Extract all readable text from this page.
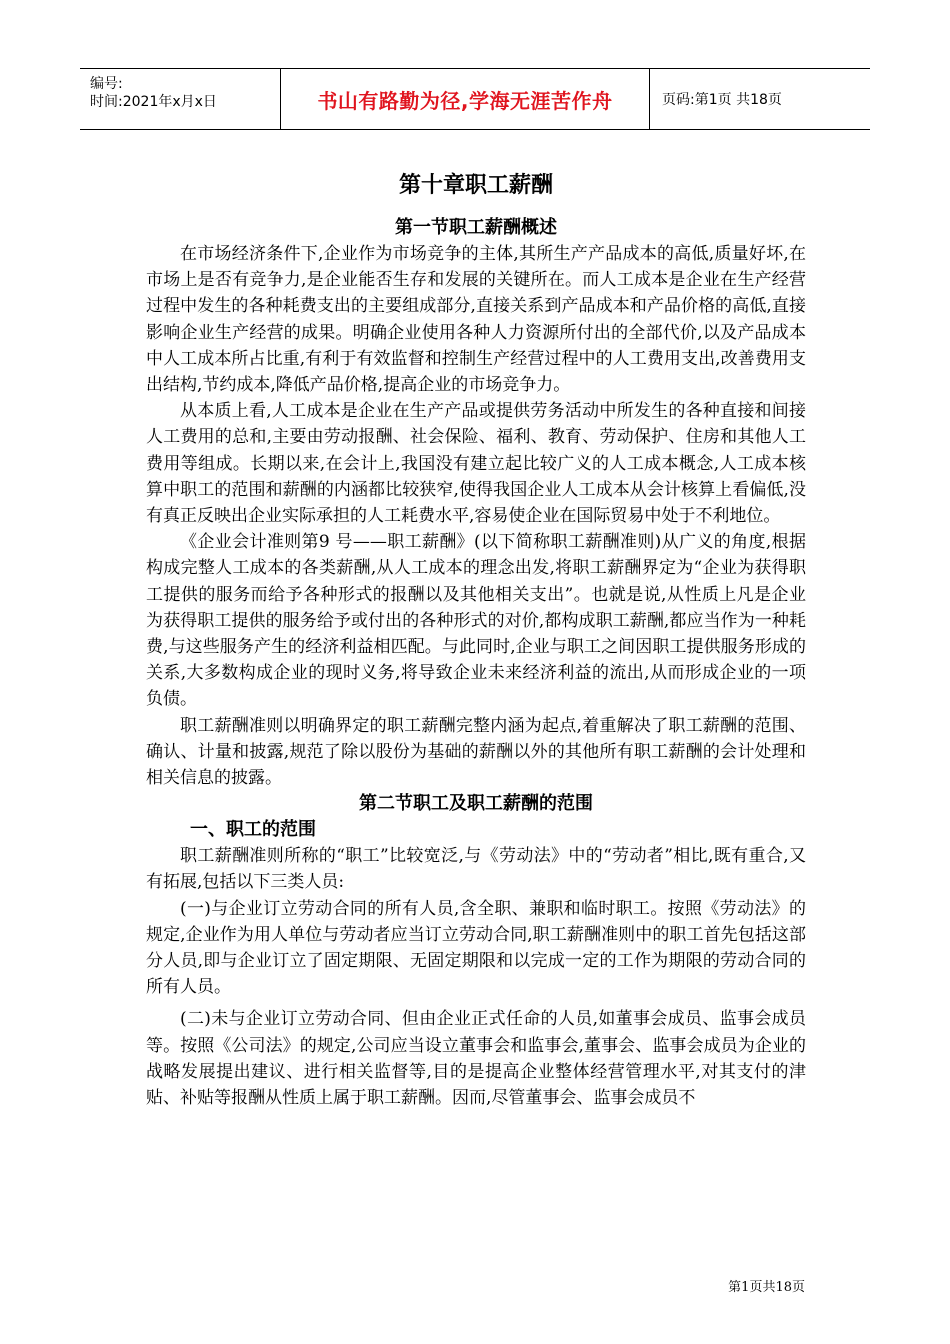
编号:
时间:2021年x月x日	书山有路勤为径,学海无涯苦作舟	页码:第1页 共18页
第十章职工薪酬
第一节职工薪酬概述

在市场经济条件下,企业作为市场竞争的主体,其所生产产品成本的高低,质量好坏,在市场上是否有竞争力,是企业能否生存和发展的关键所在。而人工成本是企业在生产经营过程中发生的各种耗费支出的主要组成部分,直接关系到产品成本和产品价格的高低,直接影响企业生产经营的成果。明确企业使用各种人力资源所付出的全部代价,以及产品成本中人工成本所占比重,有利于有效监督和控制生产经营过程中的人工费用支出,改善费用支出结构,节约成本,降低产品价格,提高企业的市场竞争力。

从本质上看,人工成本是企业在生产产品或提供劳务活动中所发生的各种直接和间接人工费用的总和,主要由劳动报酬、社会保险、福利、教育、劳动保护、住房和其他人工费用等组成。长期以来,在会计上,我国没有建立起比较广义的人工成本概念,人工成本核算中职工的范围和薪酬的内涵都比较狭窄,使得我国企业人工成本从会计核算上看偏低,没有真正反映出企业实际承担的人工耗费水平,容易使企业在国际贸易中处于不利地位。

《企业会计准则第9 号——职工薪酬》(以下简称职工薪酬准则)从广义的角度,根据构成完整人工成本的各类薪酬,从人工成本的理念出发,将职工薪酬界定为“企业为获得职工提供的服务而给予各种形式的报酬以及其他相关支出”。也就是说,从性质上凡是企业为获得职工提供的服务给予或付出的各种形式的对价,都构成职工薪酬,都应当作为一种耗费,与这些服务产生的经济利益相匹配。与此同时,企业与职工之间因职工提供服务形成的关系,大多数构成企业的现时义务,将导致企业未来经济利益的流出,从而形成企业的一项负债。

职工薪酬准则以明确界定的职工薪酬完整内涵为起点,着重解决了职工薪酬的范围、确认、计量和披露,规范了除以股份为基础的薪酬以外的其他所有职工薪酬的会计处理和相关信息的披露。

第二节职工及职工薪酬的范围
一、职工的范围

职工薪酬准则所称的“职工”比较宽泛,与《劳动法》中的“劳动者”相比,既有重合,又有拓展,包括以下三类人员:

(一)与企业订立劳动合同的所有人员,含全职、兼职和临时职工。按照《劳动法》的规定,企业作为用人单位与劳动者应当订立劳动合同,职工薪酬准则中的职工首先包括这部分人员,即与企业订立了固定期限、无固定期限和以完成一定的工作为期限的劳动合同的所有人员。

(二)未与企业订立劳动合同、但由企业正式任命的人员,如董事会成员、监事会成员等。按照《公司法》的规定,公司应当设立董事会和监事会,董事会、监事会成员为企业的战略发展提出建议、进行相关监督等,目的是提高企业整体经营管理水平,对其支付的津贴、补贴等报酬从性质上属于职工薪酬。因而,尽管董事会、监事会成员不

第1页共18页
